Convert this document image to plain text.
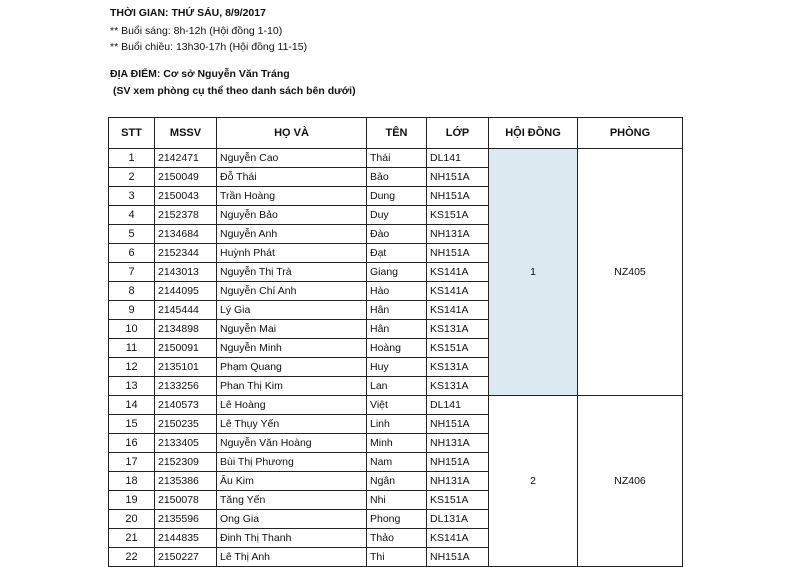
THỜI GIAN: THỨ SÁU, 8/9/2017
** Buổi sáng: 8h-12h (Hội đồng 1-10)
** Buổi chiều: 13h30-17h (Hội đồng 11-15)
ĐỊA ĐIỂM: Cơ sở Nguyễn Văn Tráng
(SV xem phòng cụ thể theo danh sách bên dưới)
STT	MSSV	HỌ VÀ	TÊN	LỚP	HỘI ĐỒNG	PHÒNG
1	2142471	Nguyễn Cao	Thái	DL141	1	NZ405
2	2150049	Đỗ Thái	Bảo	NH151A		
3	2150043	Trần Hoàng	Dung	NH151A		
4	2152378	Nguyễn Bảo	Duy	KS151A		
5	2134684	Nguyễn Anh	Đào	NH131A		
6	2152344	Huỳnh Phát	Đạt	NH151A		
7	2143013	Nguyễn Thị Trà	Giang	KS141A		
8	2144095	Nguyễn Chí Anh	Hào	KS141A		
9	2145444	Lý Gia	Hân	KS141A		
10	2134898	Nguyễn Mai	Hân	KS131A		
11	2150091	Nguyễn Minh	Hoàng	KS151A		
12	2135101	Phạm Quang	Huy	KS131A		
13	2133256	Phan Thị Kim	Lan	KS131A		
14	2140573	Lê Hoàng	Việt	DL141	2	NZ406
15	2150235	Lê Thụy Yến	Linh	NH151A		
16	2133405	Nguyễn Văn Hoàng	Minh	NH131A		
17	2152309	Bùi Thị Phương	Nam	NH151A		
18	2135386	Âu Kim	Ngân	NH131A		
19	2150078	Tăng Yến	Nhi	KS151A		
20	2135596	Ong Gia	Phong	DL131A		
21	2144835	Đinh Thị Thanh	Thảo	KS141A		
22	2150227	Lê Thị Anh	Thi	NH151A		
